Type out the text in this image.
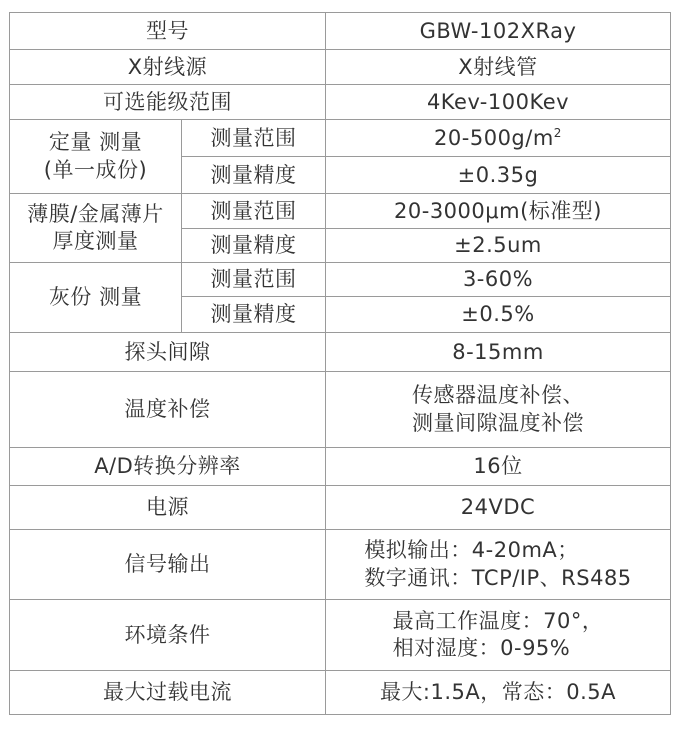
型号		GBW-102XRay
X射线源		X射线管
可选能级范围		4Kev-100Kev

定量 测量
(单一成份)	测量范围	$20-500g/m^2$
	测量精度	±0.35g

薄膜/金属薄片
厚度测量	测量范围	20-3000μm(标准型)
	测量精度	±2.5um
灰份 测量	测量范围	3-60%
	测量精度	±0.5%
探头间隙		8-15mm
温度补偿		传感器温度补偿、
测量间隙温度补偿

A/D转换分辨率		16位
电源		24VDC
信号输出		模拟输出：4-20mA；
数字通讯：TCP/IP、RS485

环境条件		最高工作温度：70°，
相对湿度：0-95%

最大过载电流		最大:1.5A，常态：0.5A
